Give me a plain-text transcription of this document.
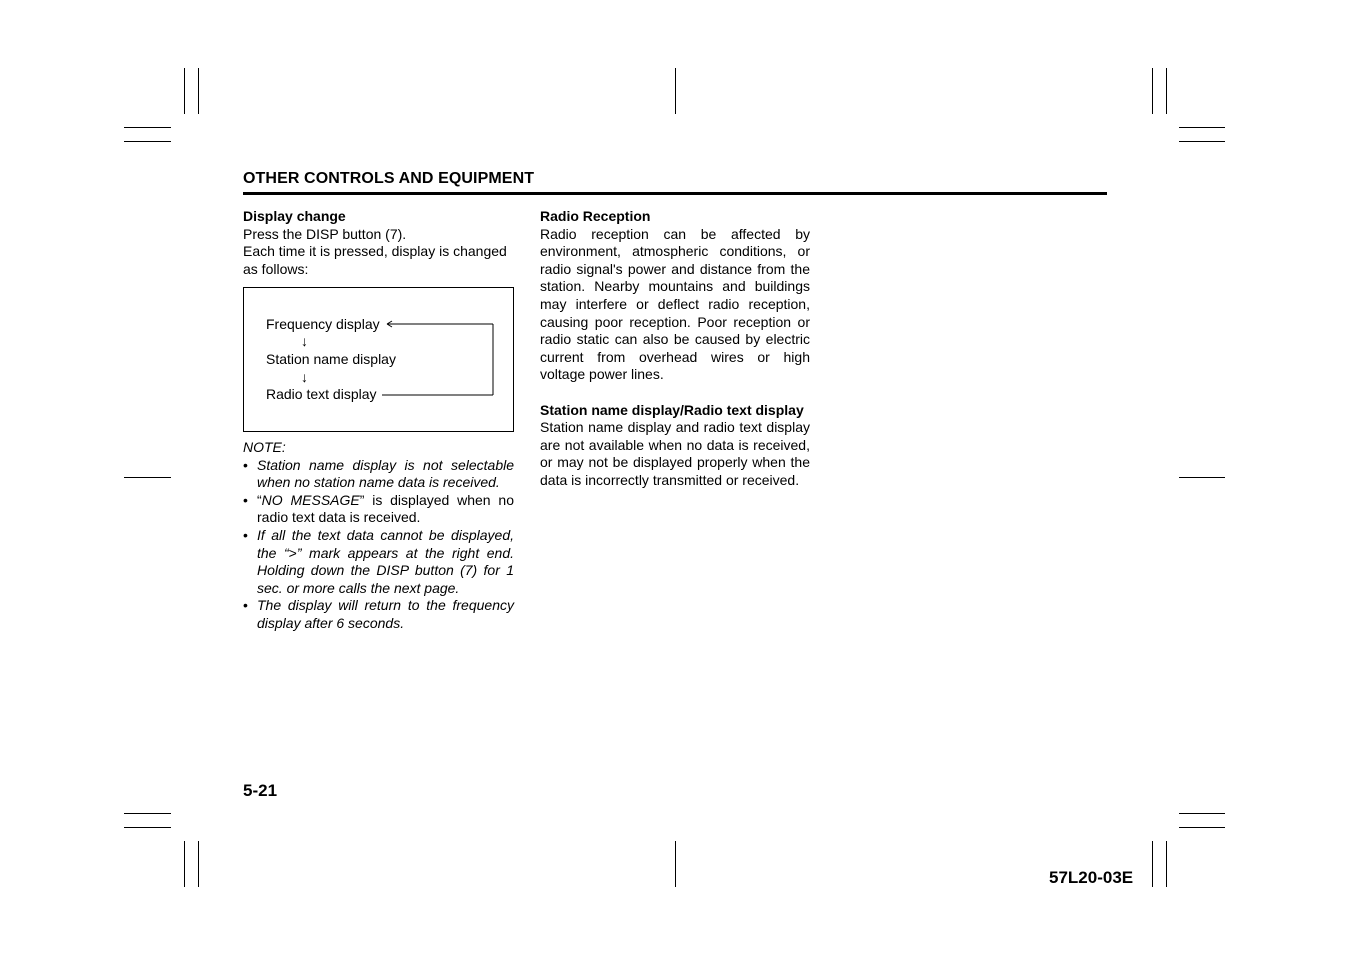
OTHER CONTROLS AND EQUIPMENT
Display change

Press the DISP button (7).

Each time it is pressed, display is changed as follows:

Frequency display
↓
Station name display
↓
Radio text display
NOTE:
• Station name display is not selectable when no station name data is received.
• “NO MESSAGE” is displayed when no radio text data is received.
• If all the text data cannot be displayed, the “>” mark appears at the right end. Holding down the DISP button (7) for 1 sec. or more calls the next page.
• The display will return to the frequency display after 6 seconds.
Radio Reception

Radio reception can be affected by environment, atmospheric conditions, or radio signal's power and distance from the station. Nearby mountains and buildings may interfere or deflect radio reception, causing poor reception. Poor reception or radio static can also be caused by electric current from overhead wires or high voltage power lines.

Station name display/Radio text display

Station name display and radio text display are not available when no data is received, or may not be displayed properly when the data is incorrectly transmitted or received.

5-21
57L20-03E
